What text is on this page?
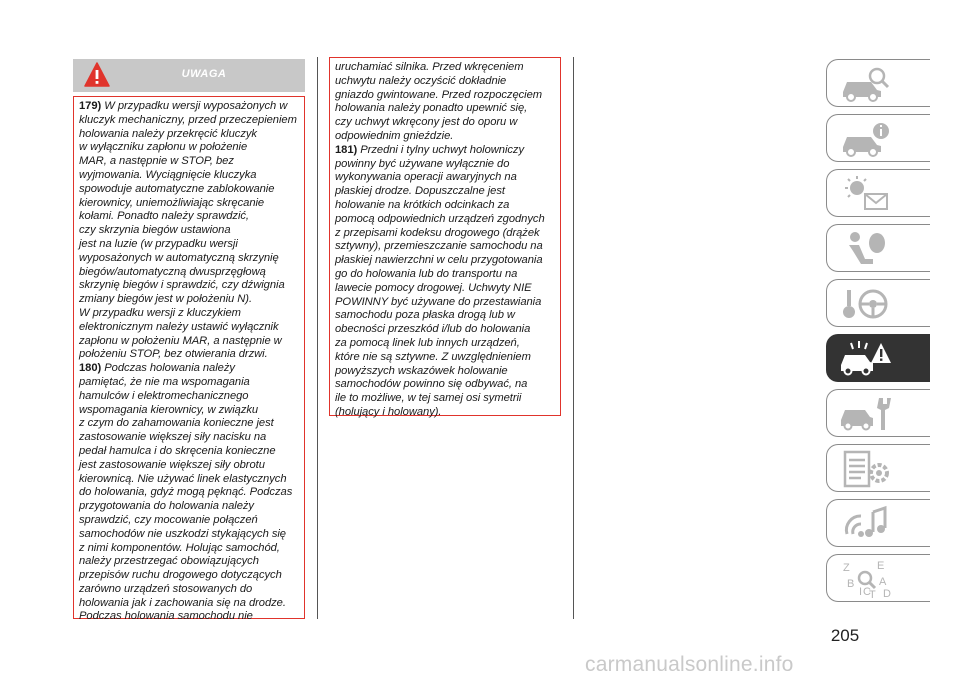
UWAGA

179) W przypadku wersji wyposażonych w
kluczyk mechaniczny, przed przeczepieniem
holowania należy przekręcić kluczyk
w wyłączniku zapłonu w położenie
MAR, a następnie w STOP, bez
wyjmowania. Wyciągnięcie kluczyka
spowoduje automatyczne zablokowanie
kierownicy, uniemożliwiając skręcanie
kołami. Ponadto należy sprawdzić,
czy skrzynia biegów ustawiona
jest na luzie (w przypadku wersji
wyposażonych w automatyczną skrzynię
biegów/automatyczną dwusprzęgłową
skrzynię biegów i sprawdzić, czy dźwignia
zmiany biegów jest w położeniu N).
W przypadku wersji z kluczykiem
elektronicznym należy ustawić wyłącznik
zapłonu w położeniu MAR, a następnie w
położeniu STOP, bez otwierania drzwi.

180) Podczas holowania należy
pamiętać, że nie ma wspomagania
hamulców i elektromechanicznego
wspomagania kierownicy, w związku
z czym do zahamowania konieczne jest
zastosowanie większej siły nacisku na
pedał hamulca i do skręcenia konieczne
jest zastosowanie większej siły obrotu
kierownicą. Nie używać linek elastycznych
do holowania, gdyż mogą pęknąć. Podczas
przygotowania do holowania należy
sprawdzić, czy mocowanie połączeń
samochodów nie uszkodzi stykających się
z nimi komponentów. Holując samochód,
należy przestrzegać obowiązujących
przepisów ruchu drogowego dotyczących
zarówno urządzeń stosowanych do
holowania jak i zachowania się na drodze.
Podczas holowania samochodu nie

uruchamiać silnika. Przed wkręceniem
uchwytu należy oczyścić dokładnie
gniazdo gwintowane. Przed rozpoczęciem
holowania należy ponadto upewnić się,
czy uchwyt wkręcony jest do oporu w
odpowiednim gnieździe.

181) Przedni i tylny uchwyt holowniczy
powinny być używane wyłącznie do
wykonywania operacji awaryjnych na
płaskiej drodze. Dopuszczalne jest
holowanie na krótkich odcinkach za
pomocą odpowiednich urządzeń zgodnych
z przepisami kodeksu drogowego (drążek
sztywny), przemieszczanie samochodu na
płaskiej nawierzchni w celu przygotowania
go do holowania lub do transportu na
lawecie pomocy drogowej. Uchwyty NIE
POWINNY być używane do przestawiania
samochodu poza płaska drogą lub w
obecności przeszkód i/lub do holowania
za pomocą linek lub innych urządzeń,
które nie są sztywne. Z uwzględnieniem
powyższych wskazówek holowanie
samochodów powinno się odbywać, na
ile to możliwe, w tej samej osi symetrii
(holujący i holowany).

Z E
B A
I C
T D
205
carmanualsonline.info
